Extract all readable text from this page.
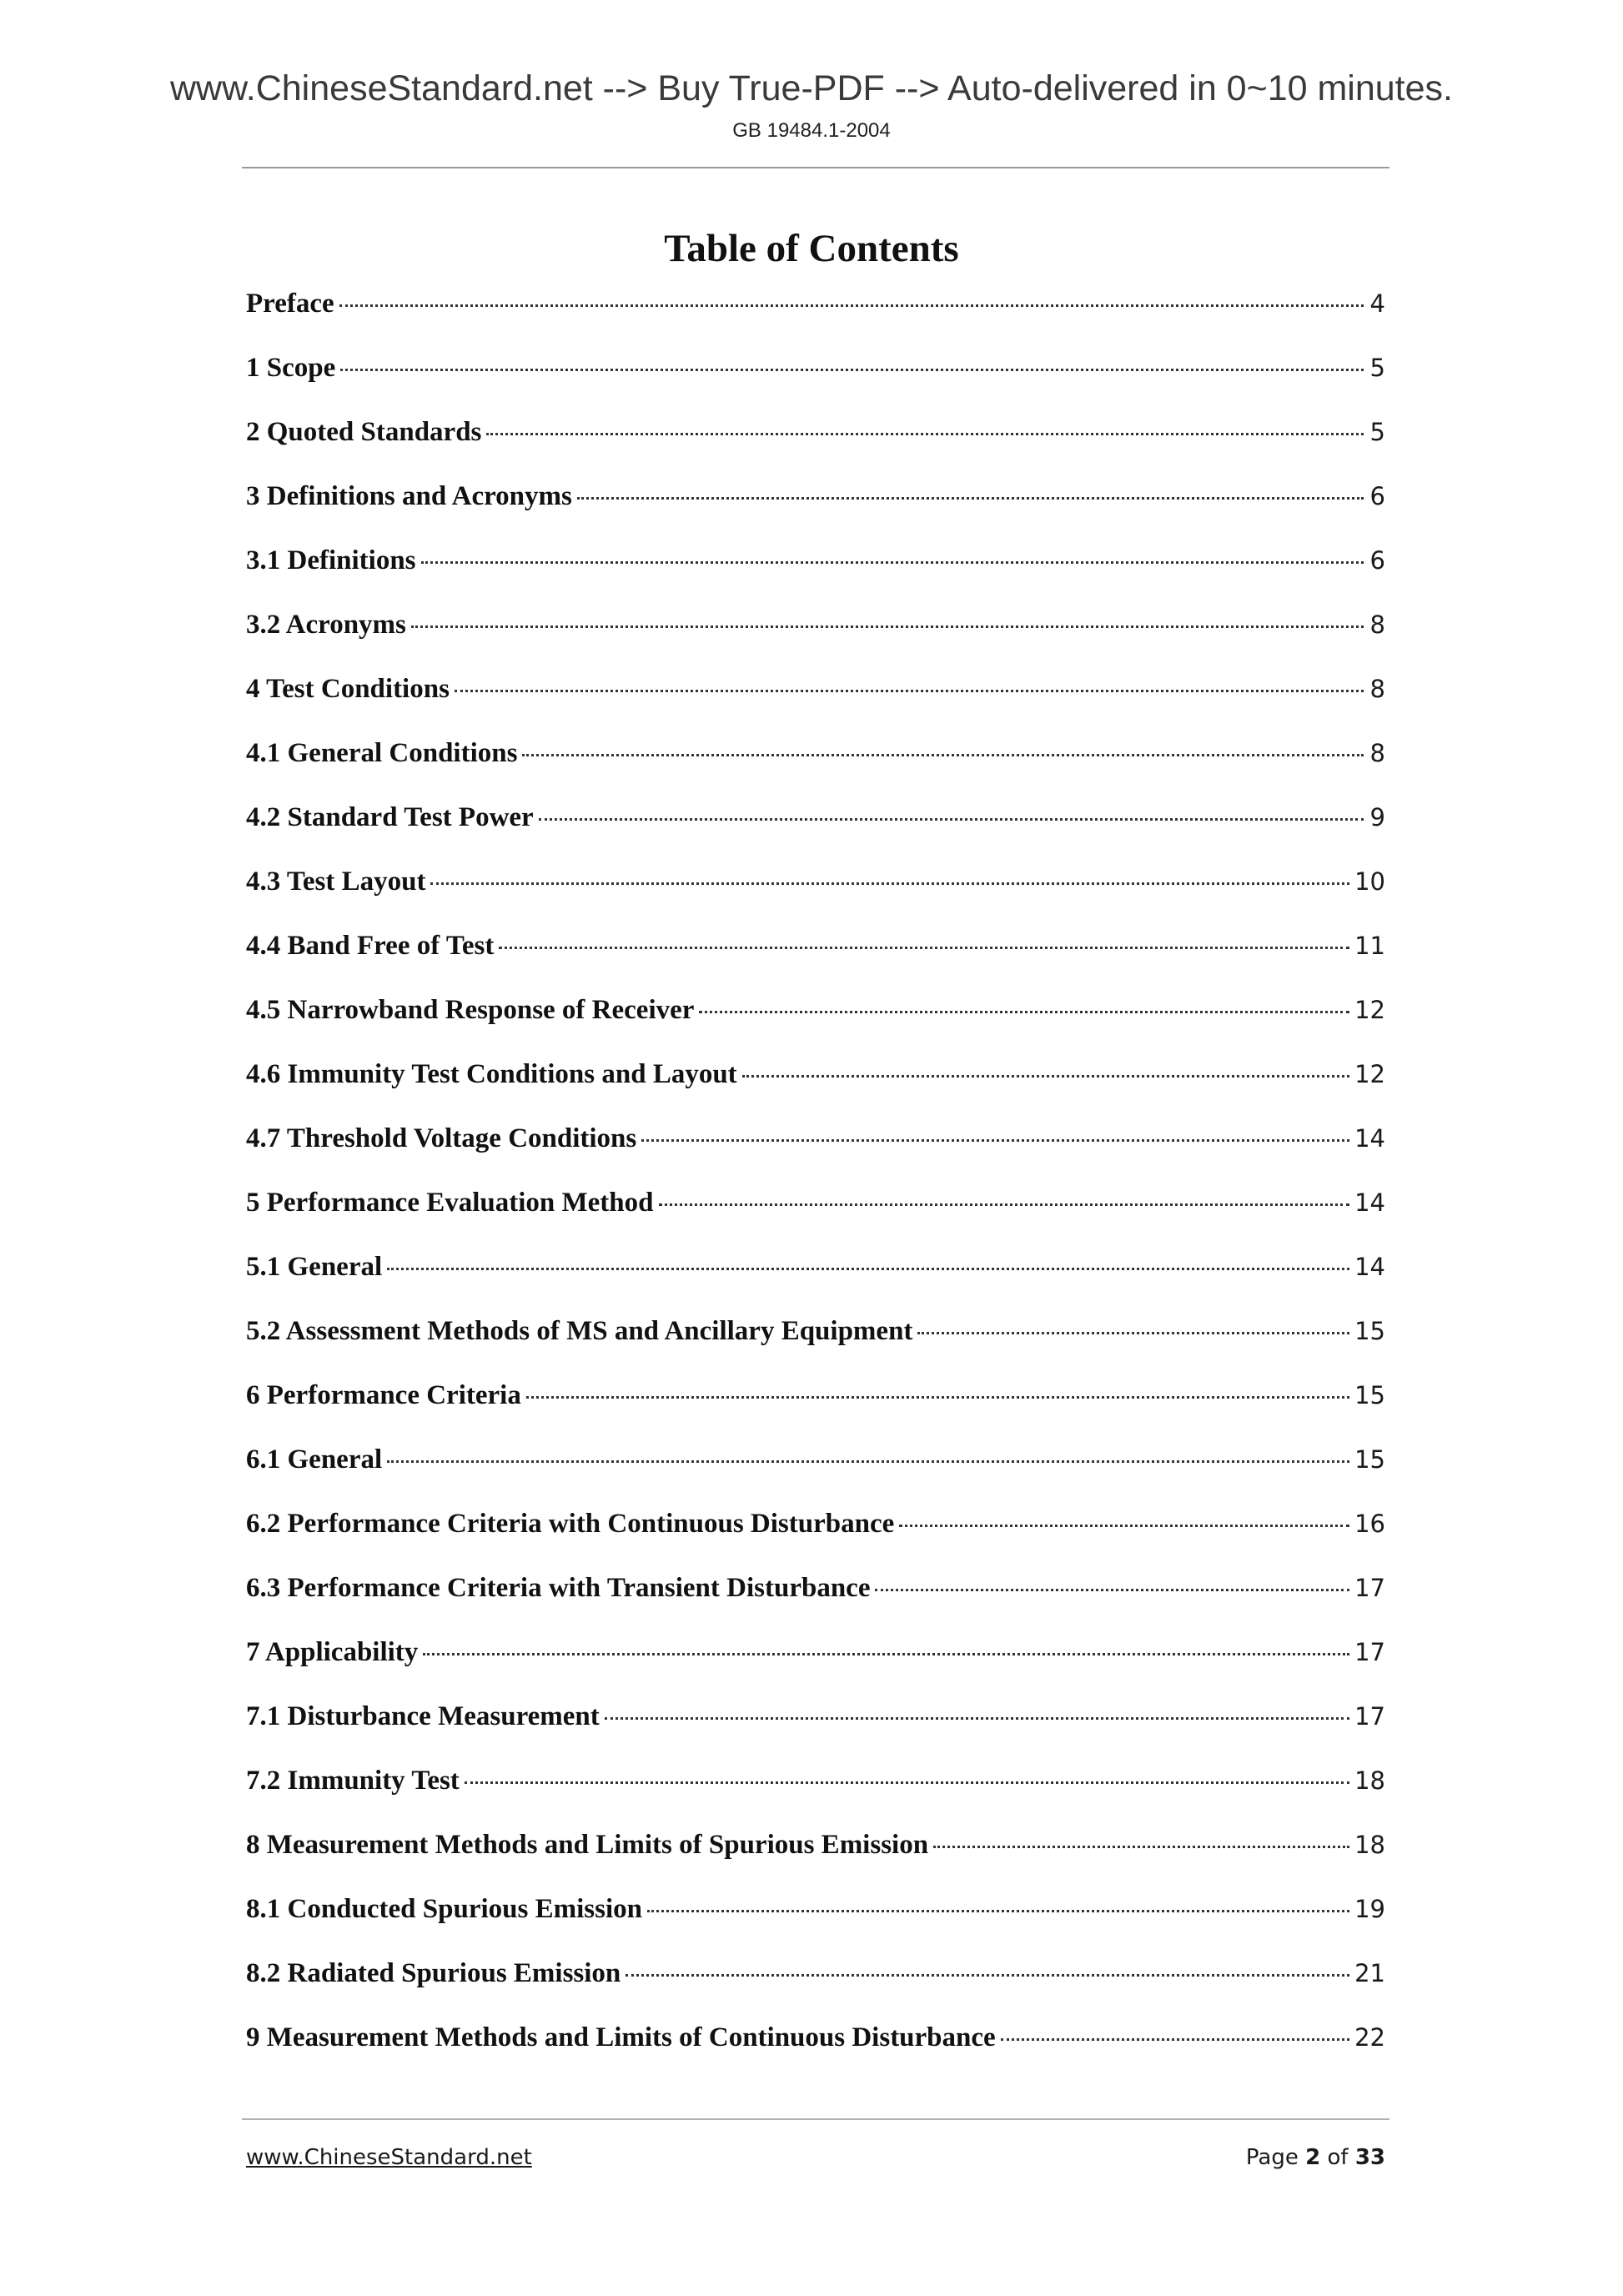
www.ChineseStandard.net --> Buy True-PDF --> Auto-delivered in 0~10 minutes.
GB 19484.1-2004
Table of Contents
Preface	4
1 Scope	5
2 Quoted Standards	5
3 Definitions and Acronyms	6
3.1 Definitions	6
3.2 Acronyms	8
4 Test Conditions	8
4.1 General Conditions	8
4.2 Standard Test Power	9
4.3 Test Layout	10
4.4 Band Free of Test	11
4.5 Narrowband Response of Receiver	12
4.6 Immunity Test Conditions and Layout	12
4.7 Threshold Voltage Conditions	14
5 Performance Evaluation Method	14
5.1 General	14
5.2 Assessment Methods of MS and Ancillary Equipment	15
6 Performance Criteria	15
6.1 General	15
6.2 Performance Criteria with Continuous Disturbance	16
6.3 Performance Criteria with Transient Disturbance	17
7 Applicability	17
7.1 Disturbance Measurement	17
7.2 Immunity Test	18
8 Measurement Methods and Limits of Spurious Emission	18
8.1 Conducted Spurious Emission	19
8.2 Radiated Spurious Emission	21
9 Measurement Methods and Limits of Continuous Disturbance	22
www.ChineseStandard.net	Page 2 of 33
